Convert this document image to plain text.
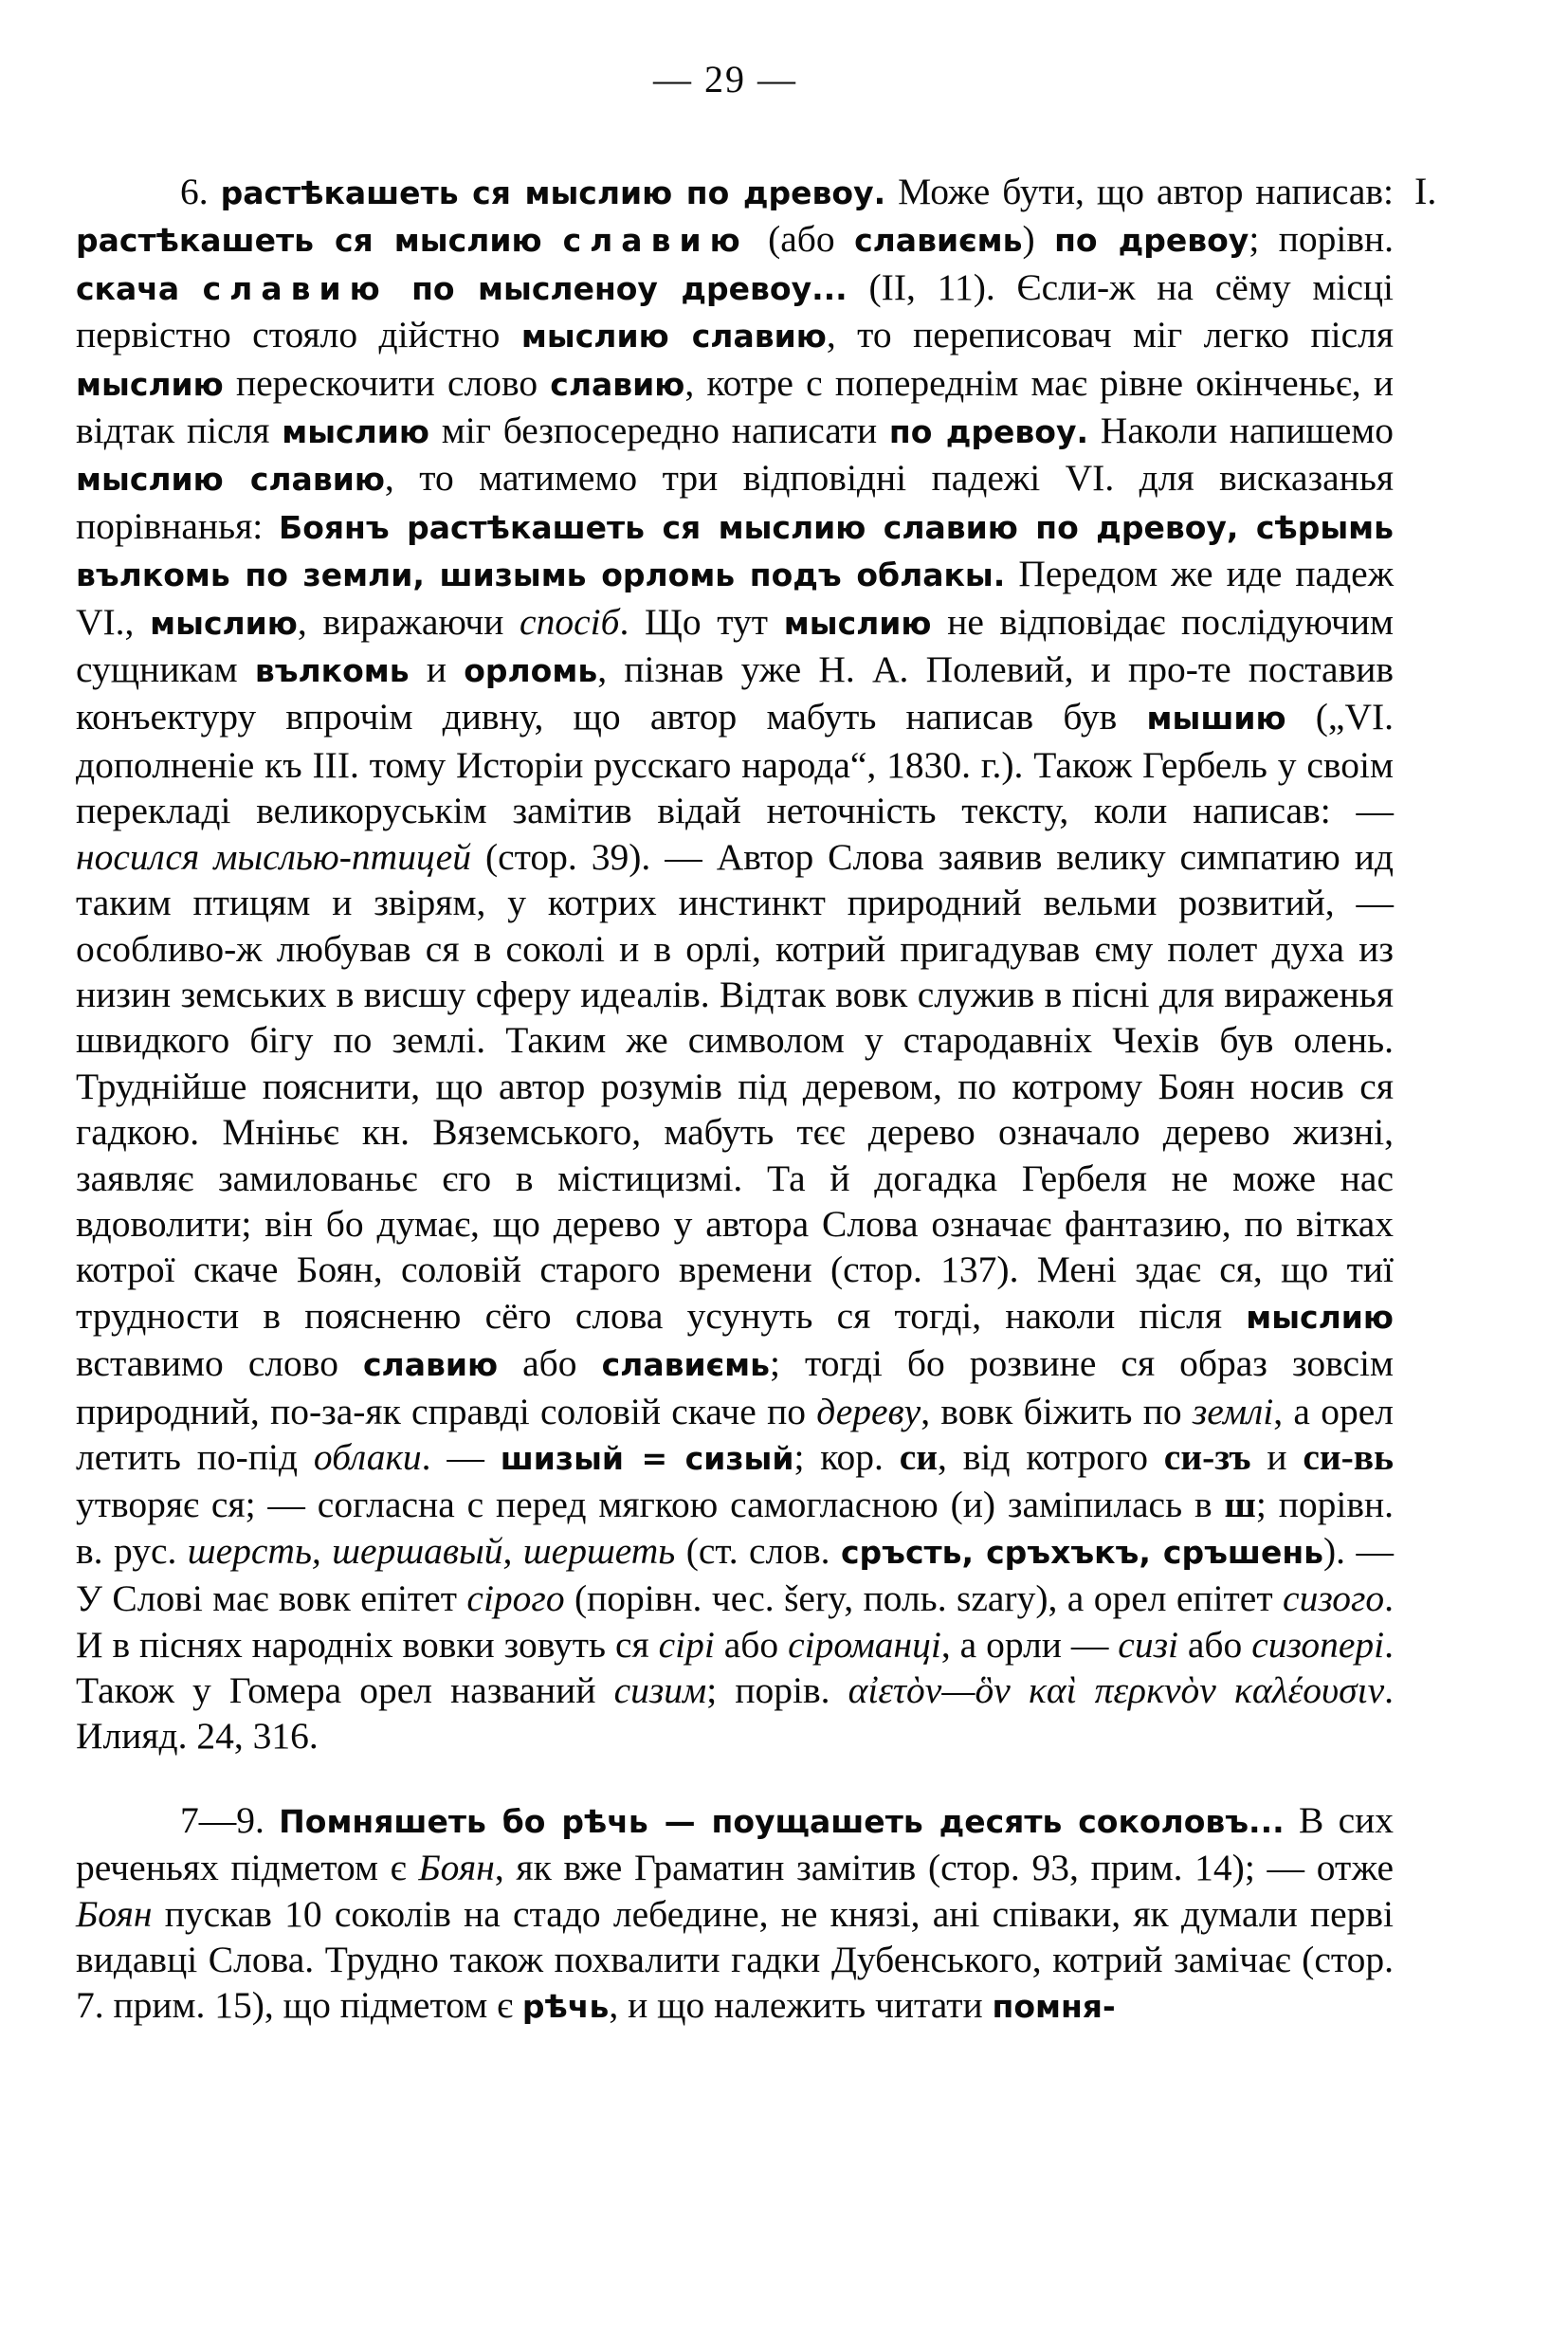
— 29 —
I.

6. растѣкашеть ся мыслию по древоу. Може бути, що автор написав: растѣкашеть ся мыслию славию (або славиємь) по древоу; порівн. скача славию по мысленоу древоу... (II, 11). Єсли-ж на сёму місці первістно стояло дійстно мыслию славию, то переписовач міг легко після мыслию перескочити слово славию, котре с попереднім має рівне окінченьє, и відтак після мыслию міг безпосередно написати по древоу. Наколи напишемо мыслию славию, то матимемо три відповідні падежі VI. для висказанья порівнанья: Боянъ растѣкашеть ся мыслию славию по древоу, сѣрымь вълкомь по земли, шизымь орломь подъ облакы. Передом же иде падеж VI., мыслию, виражаючи спосіб. Що тут мыслию не відповідає послідуючим сущникам вълкомь и орломь, пізнав уже Н. А. Полевий, и про-те поставив конъектуру впрочім дивну, що автор мабуть написав був мышию („VI. дополненіе къ III. тому Исторіи русскаго народа“, 1830. г.). Також Гербель у своім перекладі великоруськім замітив відай неточність тексту, коли написав: — носился мыслью-птицей (стор. 39). — Автор Слова заявив велику симпатию ид таким птицям и звірям, у котрих инстинкт природний вельми розвитий, — особливо-ж любував ся в соколі и в орлі, котрий пригадував єму полет духа из низин земських в висшу сферу идеалів. Відтак вовк служив в пісні для вираженья швидкого бігу по землі. Таким же символом у стародавніх Чехів був олень. Труднійше пояснити, що автор розумів під деревом, по котрому Боян носив ся гадкою. Мніньє кн. Вяземського, мабуть тєє дерево означало дерево жизні, заявляє замилованьє єго в містицизмі. Та й догадка Гербеля не може нас вдоволити; він бо думає, що дерево у автора Слова означає фантазию, по вітках котрої скаче Боян, соловій старого времени (стор. 137). Мені здає ся, що тиї трудности в поясненю сёго слова усунуть ся тогді, наколи після мыслию вставимо слово славию або славиємь; тогді бо розвине ся образ зовсім природний, по-за-як справді соловій скаче по дереву, вовк біжить по землі, а орел летить по-під облаки. — шизый = сизый; кор. си, від котрого си-зъ и си-вь утворяє ся; — согласна с перед мягкою самогласною (и) заміпилась в ш; порівн. в. рус. шерсть, шершавый, шершеть (ст. слов. сръсть, сръхъкъ, сръшень). — У Слові має вовк епітет сірого (порівн. чес. šery, поль. szary), а орел епітет сизого. И в піснях народніх вовки зовуть ся сірі або сіроманці, а орли — сизі або сизопері. Також у Гомера орел названий сизим; порів. αἰετὸν—ὃν καὶ περκνὸν καλέουσιν. Илияд. 24, 316.

7—9. Помняшеть бо рѣчь — поущашеть десять соколовъ... В сих реченьях підметом є Боян, як вже Граматин замітив (стор. 93, прим. 14); — отже Боян пускав 10 соколів на стадо лебедине, не князі, ані співаки, як думали перві видавці Слова. Трудно також похвалити гадки Дубенського, котрий замічає (стор. 7. прим. 15), що підметом є рѣчь, и що належить читати помня-
